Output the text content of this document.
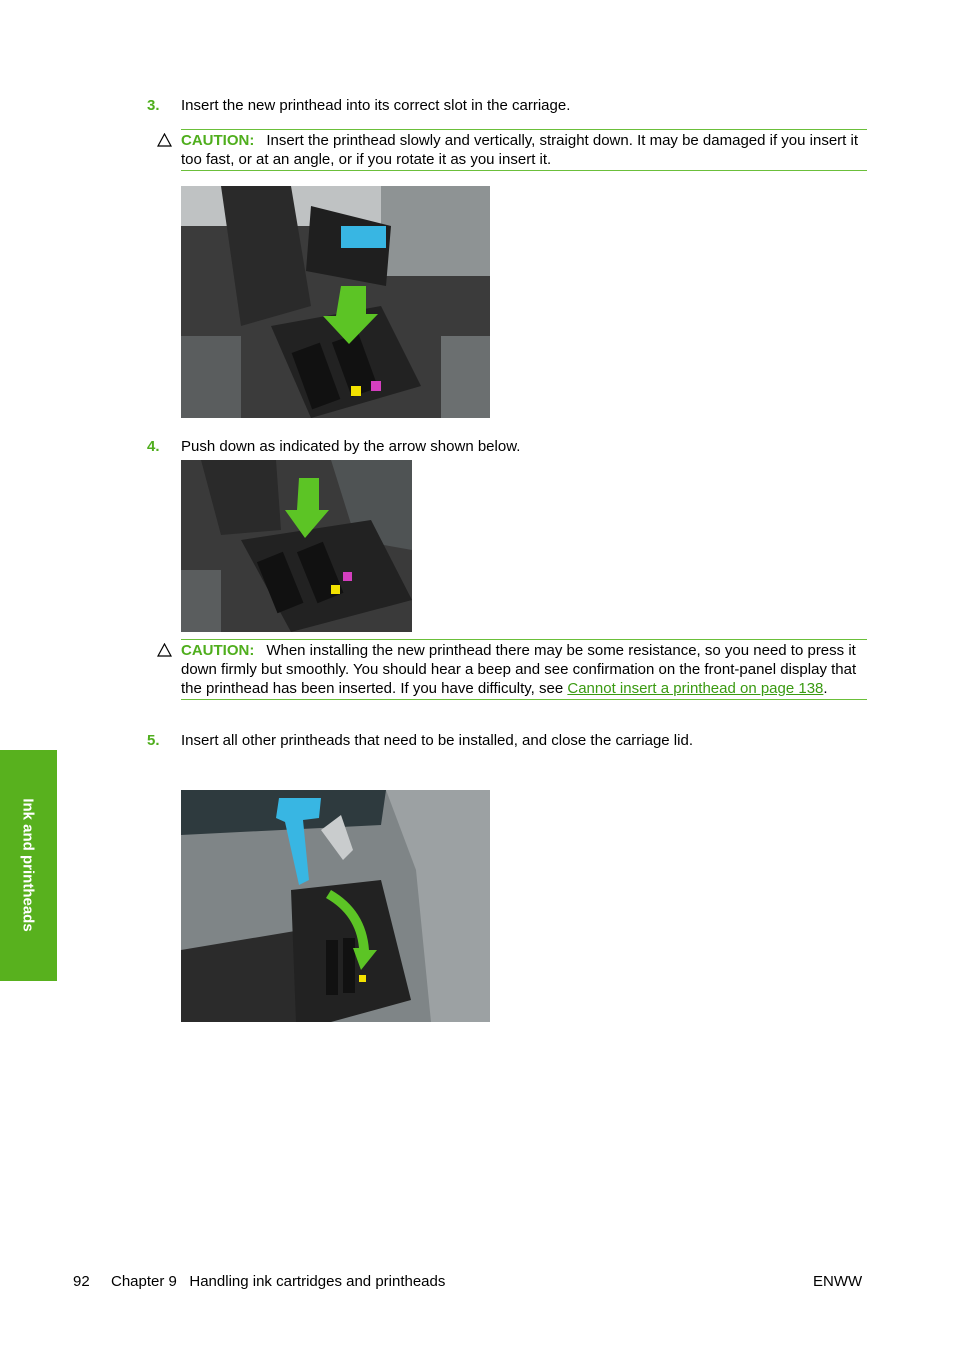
3. Insert the new printhead into its correct slot in the carriage.
CAUTION: Insert the printhead slowly and vertically, straight down. It may be damaged if you insert it too fast, or at an angle, or if you rotate it as you insert it.
4. Push down as indicated by the arrow shown below.
CAUTION: When installing the new printhead there may be some resistance, so you need to press it down firmly but smoothly. You should hear a beep and see confirmation on the front-panel display that the printhead has been inserted. If you have difficulty, see Cannot insert a printhead on page 138.
5. Insert all other printheads that need to be installed, and close the carriage lid.
Ink and printheads
92 Chapter 9   Handling ink cartridges and printheads	ENWW
